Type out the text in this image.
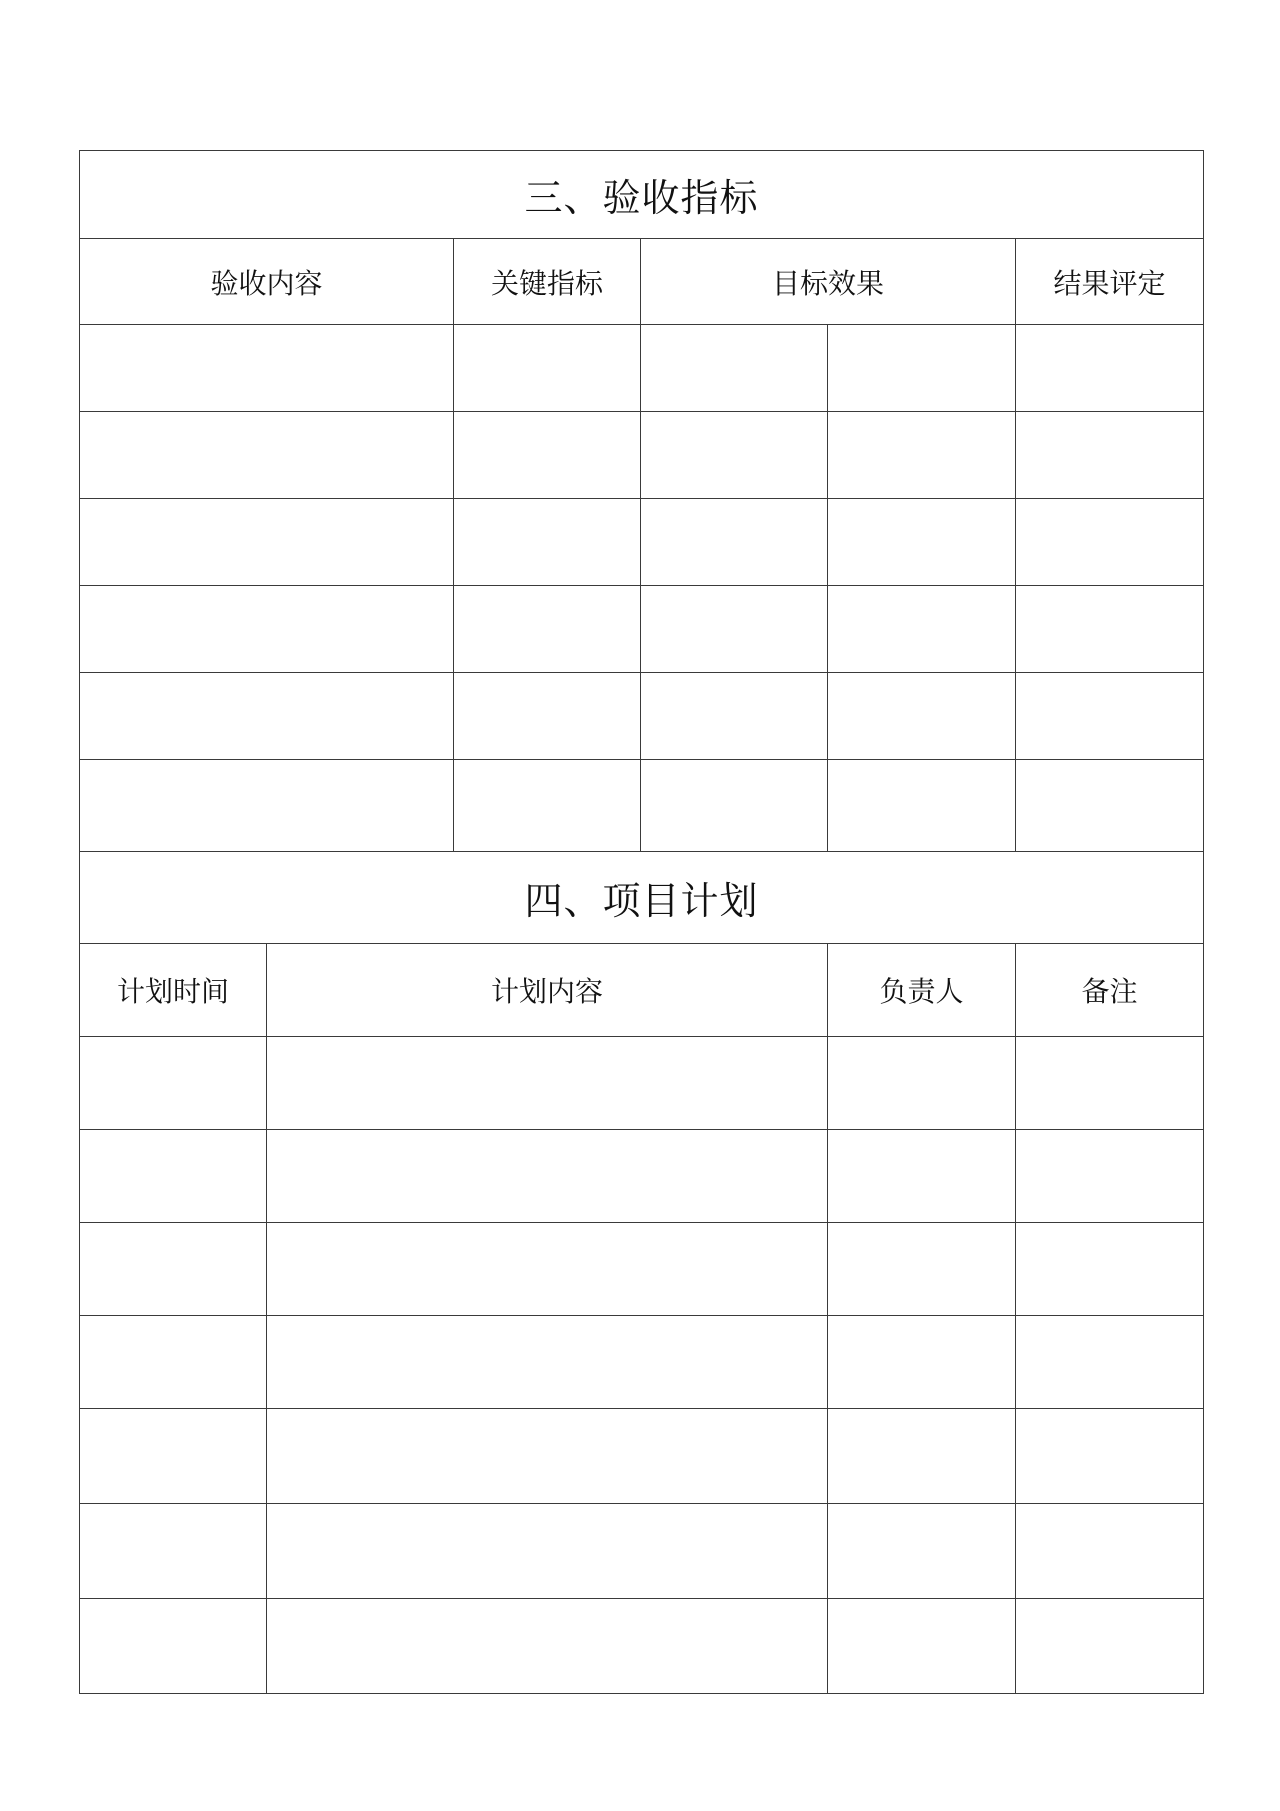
三、验收指标					
验收内容		关键指标	目标效果		结果评定

四、项目计划					
计划时间	计划内容			负责人	备注
